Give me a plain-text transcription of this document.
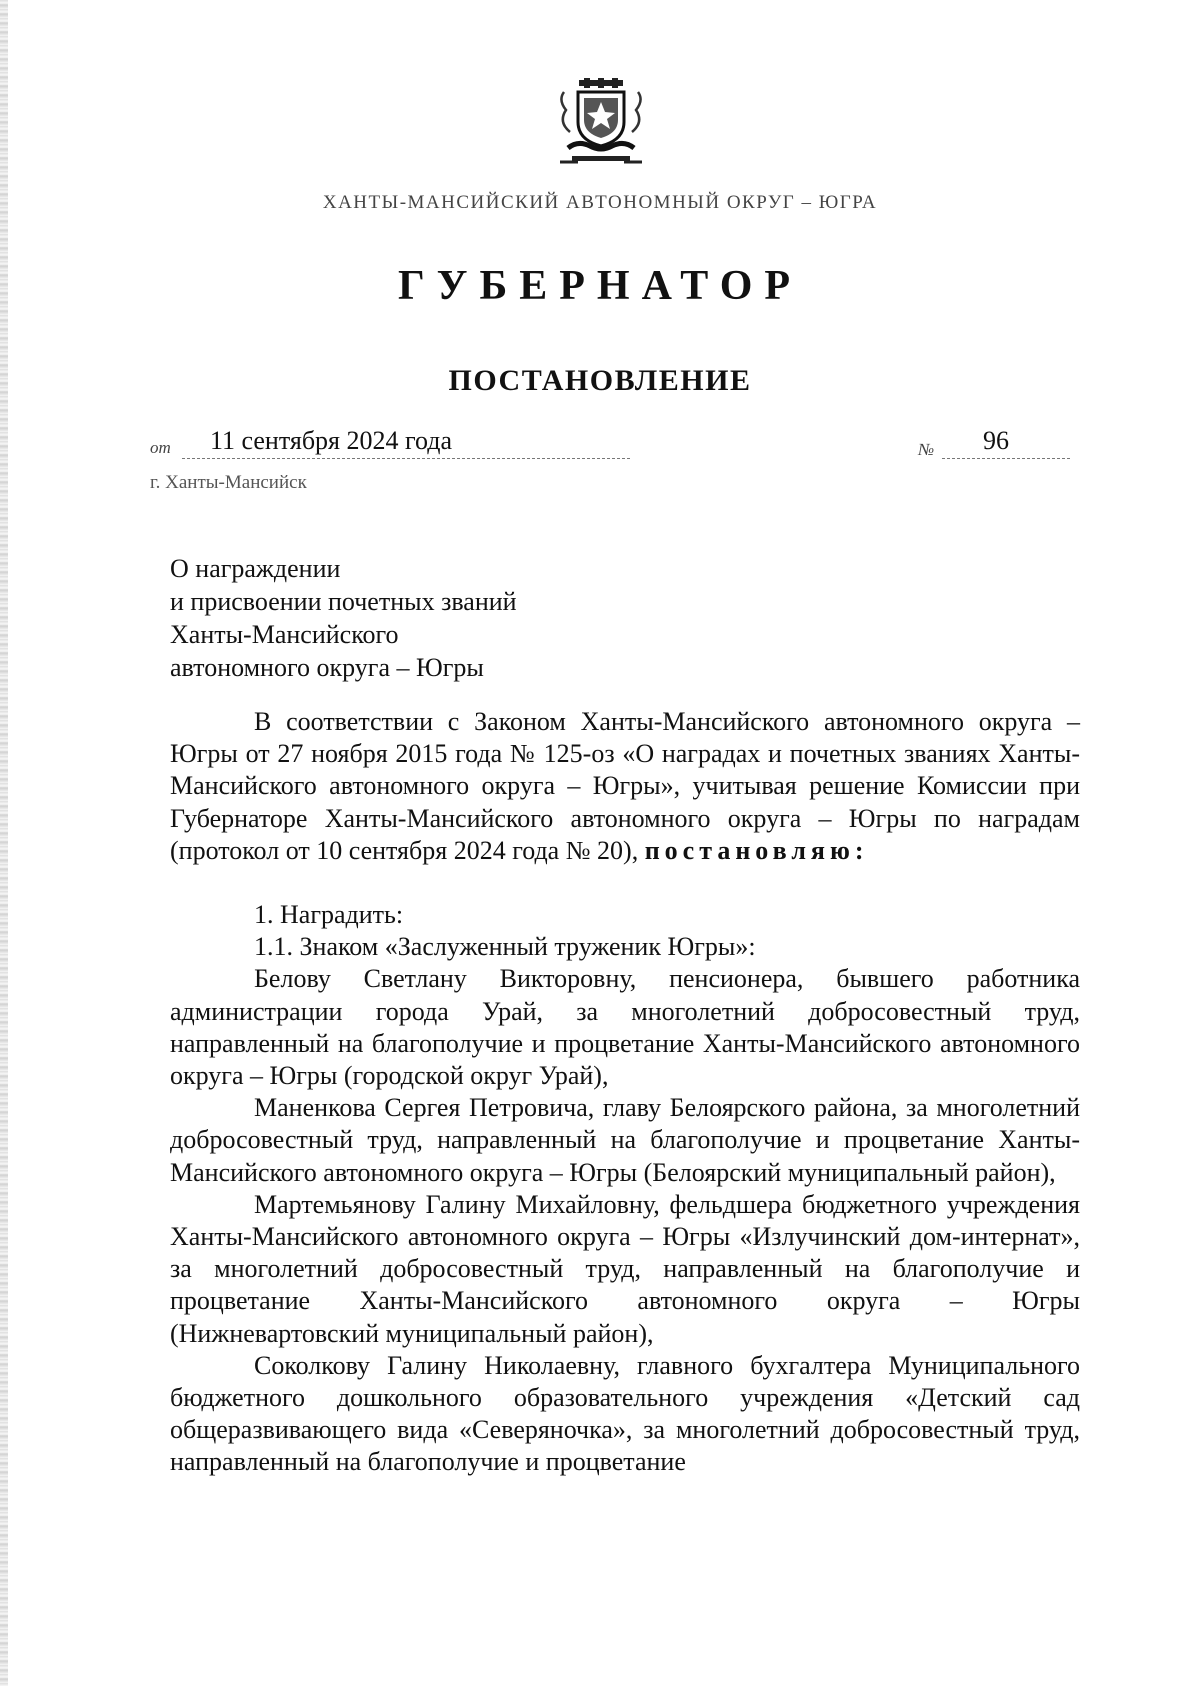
ХАНТЫ-МАНСИЙСКИЙ АВТОНОМНЫЙ ОКРУГ – ЮГРА
ГУБЕРНАТОР
ПОСТАНОВЛЕНИЕ
от	11 сентября 2024 года	№	96
г. Ханты-Мансийск
О награждении
и присвоении почетных званий
Ханты-Мансийского
автономного округа – Югры

В соответствии с Законом Ханты-Мансийского автономного округа – Югры от 27 ноября 2015 года № 125-оз «О наградах и почетных званиях Ханты-Мансийского автономного округа – Югры», учитывая решение Комиссии при Губернаторе Ханты-Мансийского автономного округа – Югры по наградам (протокол от 10 сентября 2024 года № 20), постановляю:

1. Наградить:

1.1. Знаком «Заслуженный труженик Югры»:

Белову Светлану Викторовну, пенсионера, бывшего работника администрации города Урай, за многолетний добросовестный труд, направленный на благополучие и процветание Ханты-Мансийского автономного округа – Югры (городской округ Урай),

Маненкова Сергея Петровича, главу Белоярского района, за многолетний добросовестный труд, направленный на благополучие и процветание Ханты-Мансийского автономного округа – Югры (Белоярский муниципальный район),

Мартемьянову Галину Михайловну, фельдшера бюджетного учреждения Ханты-Мансийского автономного округа – Югры «Излучинский дом-интернат», за многолетний добросовестный труд, направленный на благополучие и процветание Ханты-Мансийского автономного округа – Югры (Нижневартовский муниципальный район),

Соколкову Галину Николаевну, главного бухгалтера Муниципального бюджетного дошкольного образовательного учреждения «Детский сад общеразвивающего вида «Северяночка», за многолетний добросовестный труд, направленный на благополучие и процветание
